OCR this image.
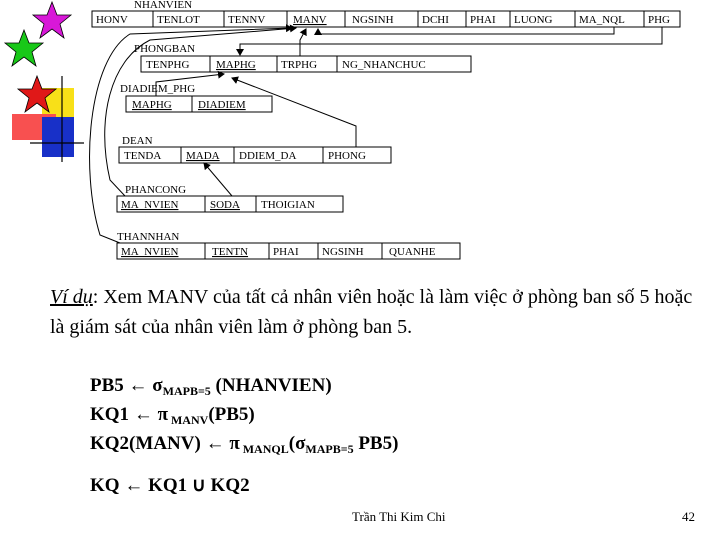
NHANVIEN
HONV	TENLOT	TENNV	MANV NGSINH	DCHI PHAI LUONG MA_NQL PHG
PHONGBAN
TENPHG MAPHG TRPHG NG_NHANCHUC
DIADIEM_PHG
MAPHG DIADIEM
DEAN
TENDA MADA DDIEM_DA	PHONG
PHANCONG
MA_NVIEN	SODA THOIGIAN
THANNHAN
MA_NVIEN	TENTN PHAI NGSINH QUANHE
Ví dụ: Xem MANV của tất cả nhân viên hoặc là làm việc ở phòng ban số 5 hoặc là giám sát của nhân viên làm ở phòng ban 5.
PB5 ← $\sigma_{MAPB=5}$ (NHANVIEN)
KQ1 ← π $_{MANV}$(PB5)
KQ2(MANV) ← π $_{MANQL}(\sigma_{MAPB=5}$ PB5)
KQ ← KQ1 ∪ KQ2
Trần Thi Kim Chi	42
